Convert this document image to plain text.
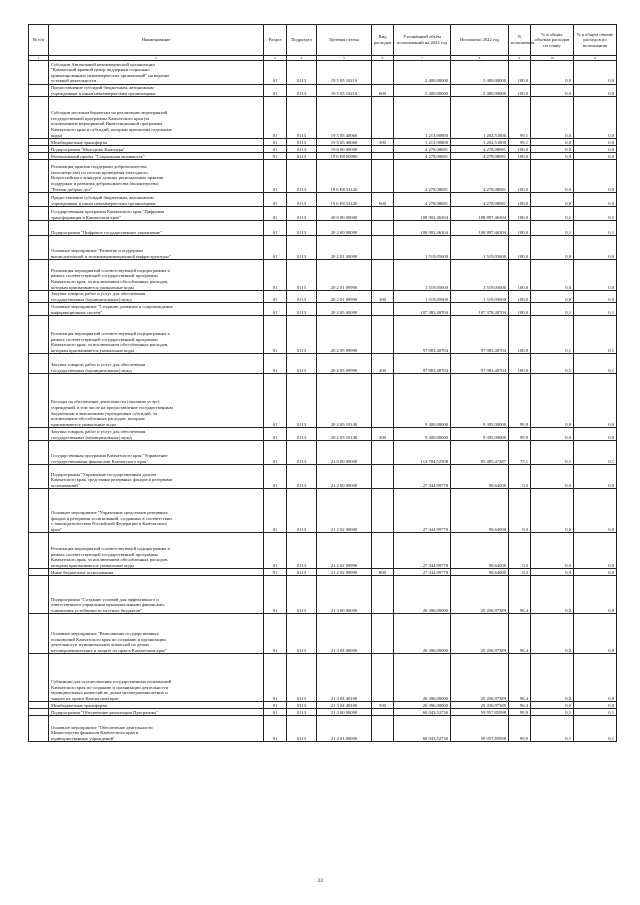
№ п/п	Наименование	Раздел	Подраздел	Целевая статья	Вид расходов	Уточнённый объём ассигнований на 2022 год	Исполнено 2022 год	% исполнения	% в общих объемах расходов по плану	% в общем объеме расходов по исполнению
1	2	3	4	5	6	7	8	9	10	11
	Субсидии Автономной некоммерческой организации
"Камчатский краевой центр поддержки социально
ориентированных некоммерческих организаций" на ведение
уставной деятельности	01	0113	19 5 05 10210		2 400,00000	2 400,00000	100,0	0,0	0,0
	Предоставление субсидий бюджетным, автономным
учреждениям и иным некоммерческим организациям	01	0113	19 5 05 10210	600	2 400,00000	2 400,00000	100,0	0,0	0,0
	Субсидии местным бюджетам на реализацию мероприятий
государственной программы Камчатского края (за
исключением мероприятий Инвестиционной программы
Камчатского края и субсидий, которым присвоены отдельные
коды)	01	0113	19 5 05 40060		1 213,90800	1 202,51800	99,1	0,0	0,0
	Межбюджетные трансферты	01	0113	19 5 05 40060	500	1 213,90800	1 202,51800	99,1	0,0	0,0
	Подпрограмма "Молодежь Камчатки"	01	0113	19 6 00 00000		4 278,08081	4 278,08081	100,0	0,0	0,0
	Региональный проект "Социальная активность"	01	0113	19 6 E8 00000		4 278,08081	4 278,08081	100,0	0,0	0,0
	Реализация практик поддержки добровольчества
(волонтерства) по итогам проведения ежегодного
Всероссийского конкурса лучших региональных практик
поддержки и развития добровольчества (волонтерства)
"Регион добрых дел"	01	0113	19 6 E8 54120		4 278,08081	4 278,08081	100,0	0,0	0,0
	Предоставление субсидий бюджетным, автономным
учреждениям и иным некоммерческим организациям	01	0113	19 6 E8 54120	600	4 278,08081	4 278,08081	100,0	0,0	0,0
	Государственная программа Камчатского края "Цифровая
трансформация в Камчатском крае"	01	0113	20 0 00 00000		108 902,46304	108 897,46304	100,0	0,1	0,1
	Подпрограмма "Цифровое государственное управление"	01	0113	20 2 00 00000		108 902,46304	108 897,46304	100,0	0,1	0,1
	Основное мероприятие "Развитие и поддержка
вычислительной и телекоммуникационной инфраструктуры"	01	0113	20 2 01 00000		1 519,05600	1 519,05600	100,0	0,0	0,0
	Реализация мероприятий соответствующей подпрограммы в
рамках соответствующей государственной программы
Камчатского края, за исключением обособленных расходов,
которым присваиваются уникальные коды	01	0113	20 2 01 09990		1 519,05600	1 519,05600	100,0	0,0	0,0
	Закупка товаров, работ и услуг для обеспечения
государственных (муниципальных) нужд	01	0113	20 2 01 09990	200	1 519,05600	1 519,05600	100,0	0,0	0,0
	Основное мероприятие "Создание, развитие и сопровождение
информационных систем"	01	0113	20 2 05 00000		107 383,40704	107 378,40704	100,0	0,1	0,1
	Реализация мероприятий соответствующей подпрограммы в
рамках соответствующей государственной программы
Камчатского края, за исключением обособленных расходов,
которым присваиваются уникальные коды	01	0113	20 2 05 09990		97 983,40704	97 983,40704	100,0	0,1	0,1
	Закупка товаров, работ и услуг для обеспечения
государственных (муниципальных) нужд	01	0113	20 2 05 09990	200	97 983,40704	97 983,40704	100,0	0,1	0,1
	Расходы на обеспечение деятельности (оказание услуг)
учреждений, в том числе на предоставление государственным
бюджетным и автономным учреждениям субсидий, за
исключением обособленных расходов, которым
присваиваются уникальные коды	01	0113	20 2 05 10140		9 400,00000	9 395,00000	99,9	0,0	0,0
	Закупка товаров, работ и услуг для обеспечения
государственных (муниципальных) нужд	01	0113	20 2 05 10140	200	9 400,00000	9 395,00000	99,9	0,0	0,0
	Государственная программа Камчатского края "Управление
государственными финансами Камчатского края"	01	0113	21 0 00 00000		113 784,52508	85 485,47387	75,1	0,1	0,1
	Подпрограмма "Управление государственным долгом
Камчатского края, средствами резервных фондов и резервами
ассигнований"	01	0113	21 2 00 00000		27 344,99778	90,64000	0,3	0,0	0,0
	Основное мероприятие "Управление средствами резервных
фондов и резервами ассигнований, созданных в соответствии
с законодательством Российской Федерации и Камчатского
края"	01	0113	21 2 02 00000		27 344,99778	90,64000	0,3	0,0	0,0
	Реализация мероприятий соответствующей подпрограммы в
рамках соответствующей государственной программы
Камчатского края, за исключением обособленных расходов,
которым присваиваются уникальные коды	01	0113	21 2 02 09990		27 344,99778	90,64000	0,3	0,0	0,0
	Иные бюджетные ассигнования	01	0113	21 2 02 09990	800	27 344,99778	90,64000	0,3	0,0	0,0
	Подпрограмма "Создание условий для эффективного и
ответственного управления муниципальными финансами,
повышения устойчивости местных бюджетов"	01	0113	21 3 00 00000		26 396,00000	25 436,97389	96,4	0,0	0,0
	Основное мероприятие "Выполнение государственных
полномочий Камчатского края по созданию и организации
деятельности муниципальных комиссий по делам
несовершеннолетних и защите их прав в Камчатском крае"	01	0113	21 3 04 00000		26 396,00000	25 436,97389	96,4	0,0	0,0
	Субвенции для осуществления государственных полномочий
Камчатского края по созданию и организации деятельности
муниципальных комиссий по делам несовершеннолетних и
защите их прав в Камчатском крае	01	0113	21 3 04 40100		26 396,00000	25 436,97389	96,4	0,0	0,0
	Межбюджетные трансферты	01	0113	21 3 04 40100	500	26 396,00000	25 436,97389	96,4	0,0	0,0
	Подпрограмма "Обеспечение реализации Программы"	01	0113	21 4 00 00000		60 043,52730	59 957,85998	99,9	0,1	0,1
	Основное мероприятие "Обеспечение деятельности
Министерства финансов Камчатского края и
подведомственных учреждений"	01	0113	21 4 01 00000		60 043,52730	59 957,85998	99,9	0,1	0,1
33
